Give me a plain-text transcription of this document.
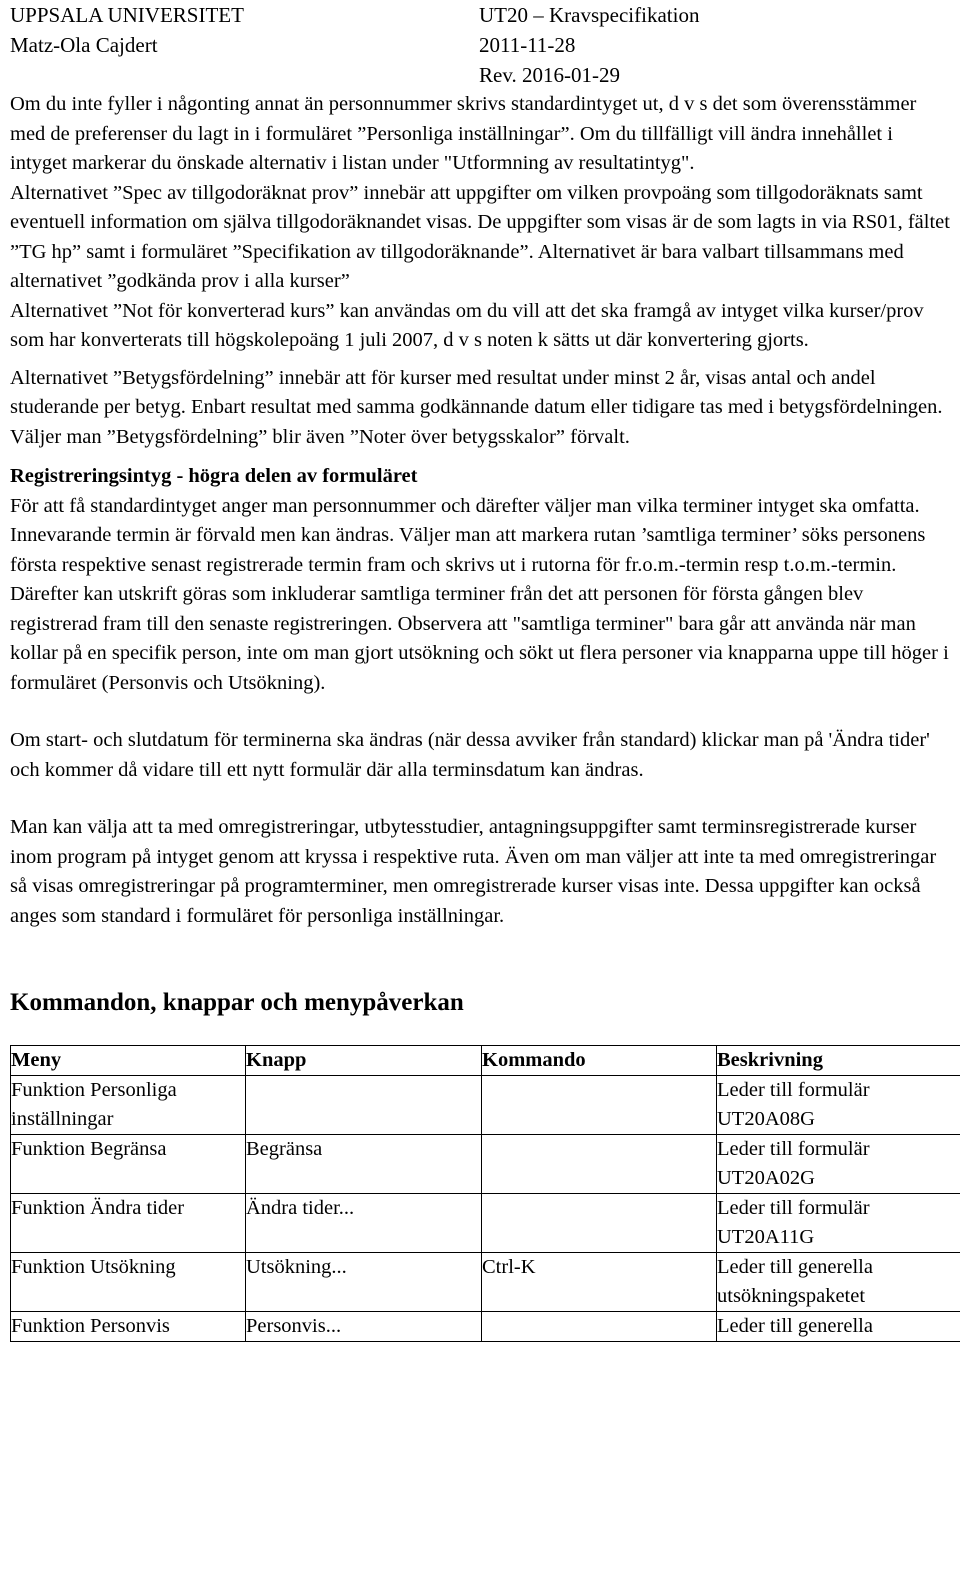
UPPSALA UNIVERSITET
Matz-Ola Cajdert
UT20 – Kravspecifikation
2011-11-28
Rev. 2016-01-29

Om du inte fyller i någonting annat än personnummer skrivs standardintyget ut, d v s det som överensstämmer med de preferenser du lagt in i formuläret ”Personliga inställningar”. Om du tillfälligt vill ändra innehållet i intyget markerar du önskade alternativ i listan under "Utformning av resultatintyg".

Alternativet ”Spec av tillgodoräknat prov” innebär att uppgifter om vilken provpoäng som tillgodoräknats samt eventuell information om själva tillgodoräknandet visas. De uppgifter som visas är de som lagts in via RS01, fältet ”TG hp” samt i formuläret ”Specifikation av tillgodoräknande”. Alternativet är bara valbart tillsammans med alternativet ”godkända prov i alla kurser”

Alternativet ”Not för konverterad kurs” kan användas om du vill att det ska framgå av intyget vilka kurser/prov som har konverterats till högskolepoäng 1 juli 2007, d v s noten k sätts ut där konvertering gjorts.

Alternativet ”Betygsfördelning” innebär att för kurser med resultat under minst 2 år, visas antal och andel studerande per betyg. Enbart resultat med samma godkännande datum eller tidigare tas med i betygsfördelningen. Väljer man ”Betygsfördelning” blir även ”Noter över betygsskalor” förvalt.

Registreringsintyg - högra delen av formuläret

För att få standardintyget anger man personnummer och därefter väljer man vilka terminer intyget ska omfatta. Innevarande termin är förvald men kan ändras. Väljer man att markera rutan ’samtliga terminer’ söks personens första respektive senast registrerade termin fram och skrivs ut i rutorna för fr.o.m.-termin resp t.o.m.-termin. Därefter kan utskrift göras som inkluderar samtliga terminer från det att personen för första gången blev registrerad fram till den senaste registreringen. Observera att "samtliga terminer" bara går att använda när man kollar på en specifik person, inte om man gjort utsökning och sökt ut flera personer via knapparna uppe till höger i formuläret (Personvis och Utsökning).

Om start- och slutdatum för terminerna ska ändras (när dessa avviker från standard) klickar man på 'Ändra tider' och kommer då vidare till ett nytt formulär där alla terminsdatum kan ändras.

Man kan välja att ta med omregistreringar, utbytesstudier, antagningsuppgifter samt terminsregistrerade kurser inom program på intyget genom att kryssa i respektive ruta. Även om man väljer att inte ta med omregistreringar så visas omregistreringar på programterminer, men omregistrerade kurser visas inte. Dessa uppgifter kan också anges som standard i formuläret för personliga inställningar.

Kommandon, knappar och menypåverkan
Meny	Knapp	Kommando	Beskrivning
Funktion Personliga inställningar			Leder till formulär UT20A08G
Funktion Begränsa	Begränsa		Leder till formulär UT20A02G
Funktion Ändra tider	Ändra tider...		Leder till formulär UT20A11G
Funktion Utsökning	Utsökning...	Ctrl-K	Leder till generella utsökningspaketet
Funktion Personvis	Personvis...		Leder till generella
